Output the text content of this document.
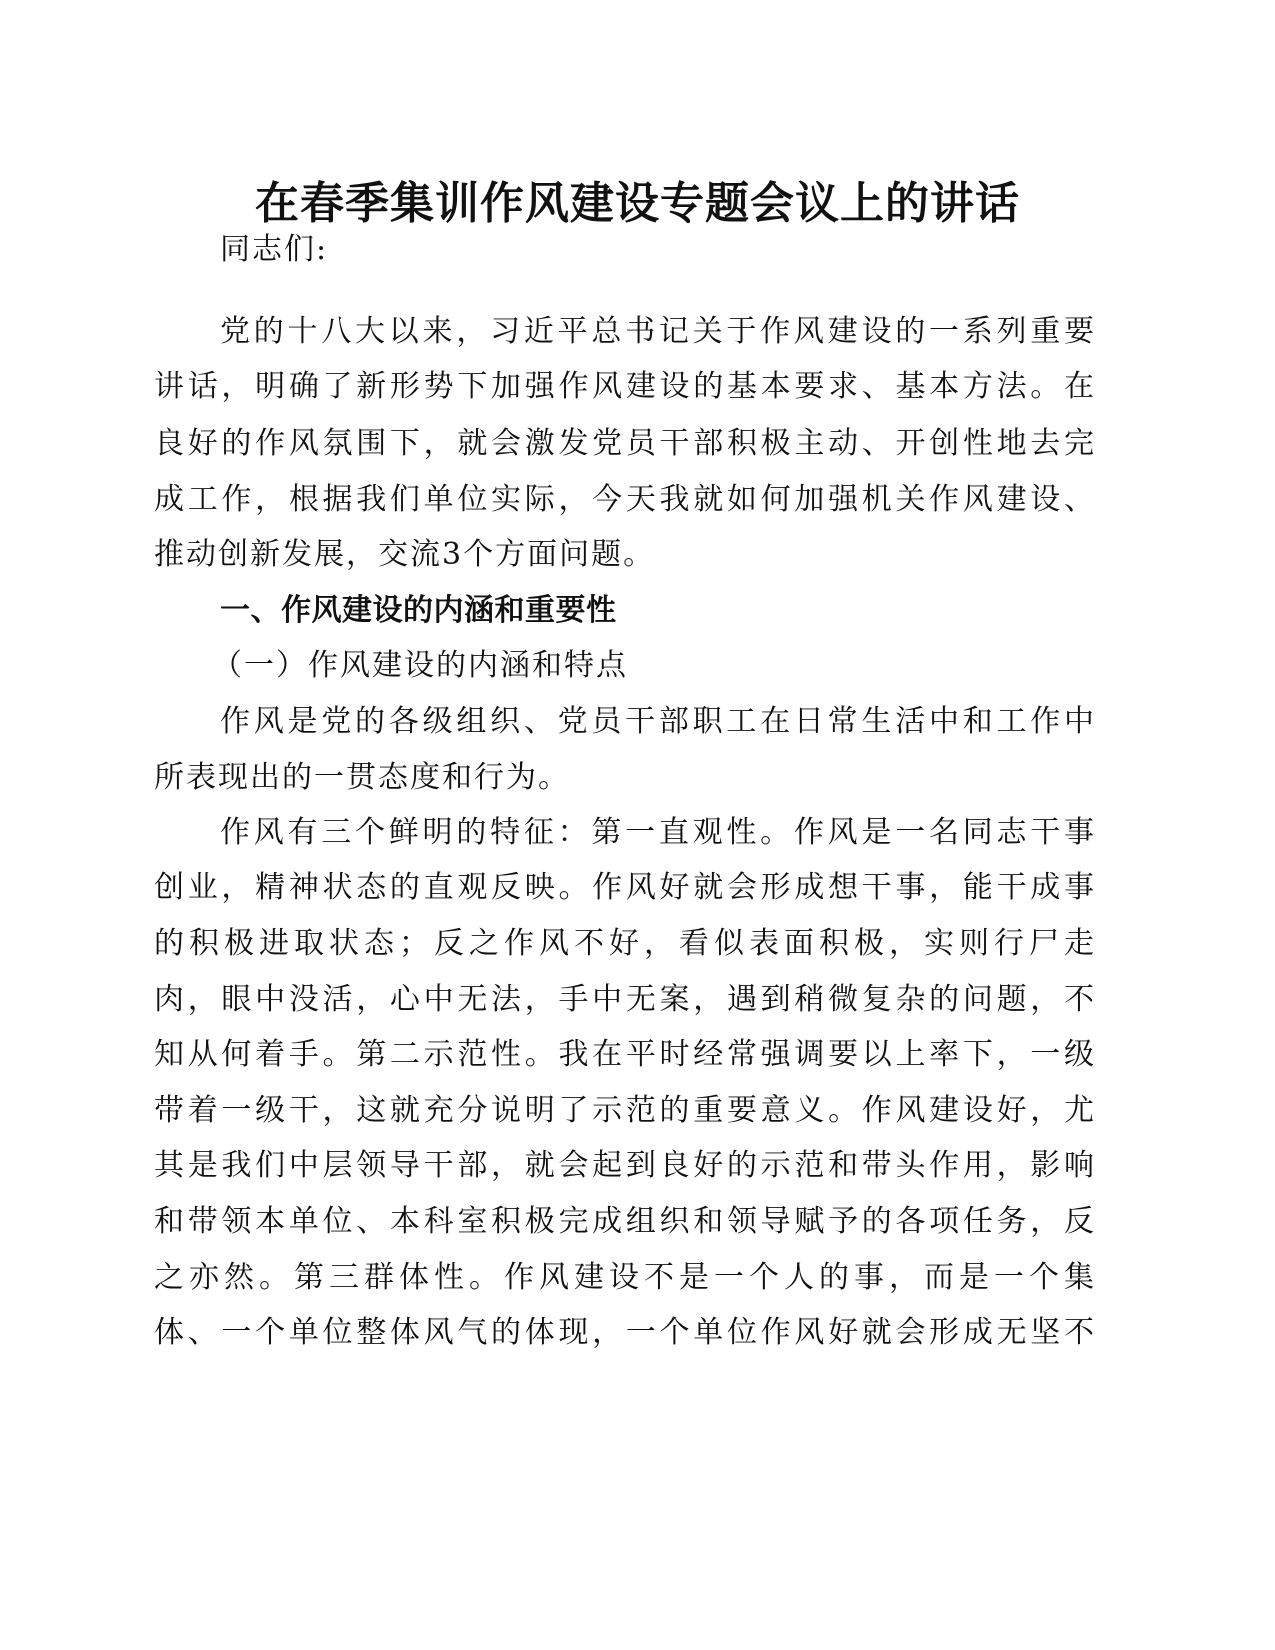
在春季集训作风建设专题会议上的讲话
同志们:
党的十八大以来，习近平总书记关于作风建设的一系列重要
讲话，明确了新形势下加强作风建设的基本要求、基本方法。在
良好的作风氛围下，就会激发党员干部积极主动、开创性地去完
成工作，根据我们单位实际，今天我就如何加强机关作风建设、
推动创新发展，交流3个方面问题。
一、作风建设的内涵和重要性
（一）作风建设的内涵和特点
作风是党的各级组织、党员干部职工在日常生活中和工作中
所表现出的一贯态度和行为。
作风有三个鲜明的特征：第一直观性。作风是一名同志干事
创业，精神状态的直观反映。作风好就会形成想干事，能干成事
的积极进取状态；反之作风不好，看似表面积极，实则行尸走
肉，眼中没活，心中无法，手中无案，遇到稍微复杂的问题，不
知从何着手。第二示范性。我在平时经常强调要以上率下，一级
带着一级干，这就充分说明了示范的重要意义。作风建设好，尤
其是我们中层领导干部，就会起到良好的示范和带头作用，影响
和带领本单位、本科室积极完成组织和领导赋予的各项任务，反
之亦然。第三群体性。作风建设不是一个人的事，而是一个集
体、一个单位整体风气的体现，一个单位作风好就会形成无坚不
